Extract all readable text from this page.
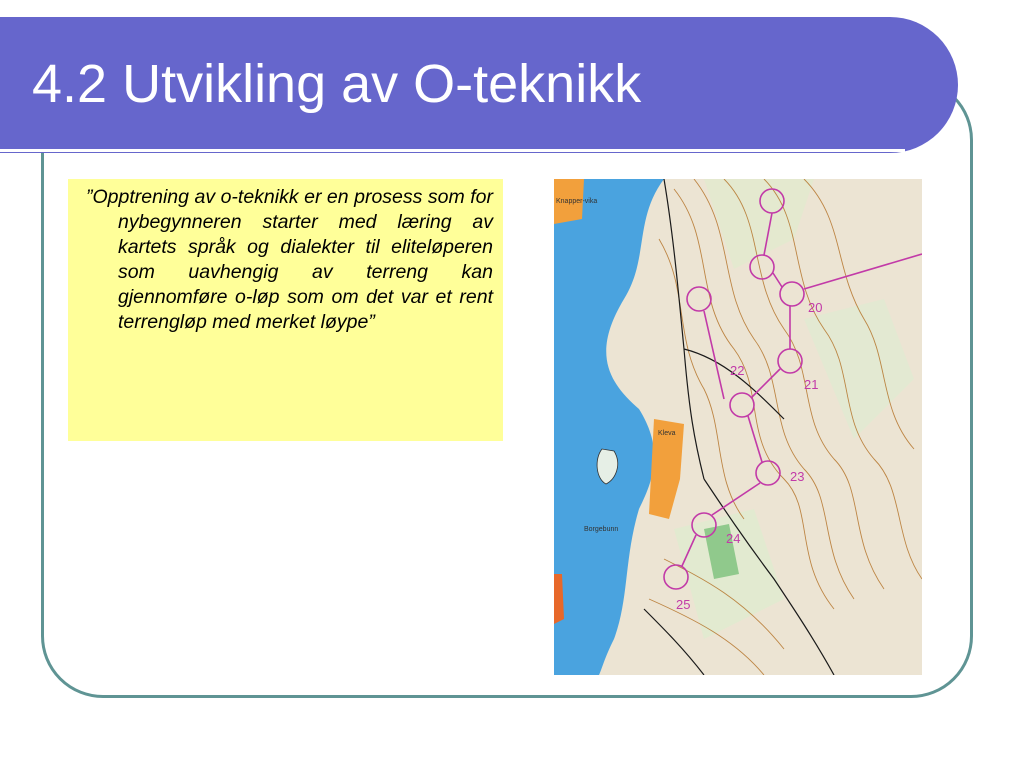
4.2 Utvikling av O-teknikk

”Opptrening av o-teknikk er en prosess som for nybegynneren starter med læring av kartets språk og dialekter til eliteløperen som uavhengig av terreng kan gjennomføre o-løp som om det var et rent terrengløp med merket løype”

Knapper-vika
Kleva
Borgebunn
20
21
22
23
24
25
